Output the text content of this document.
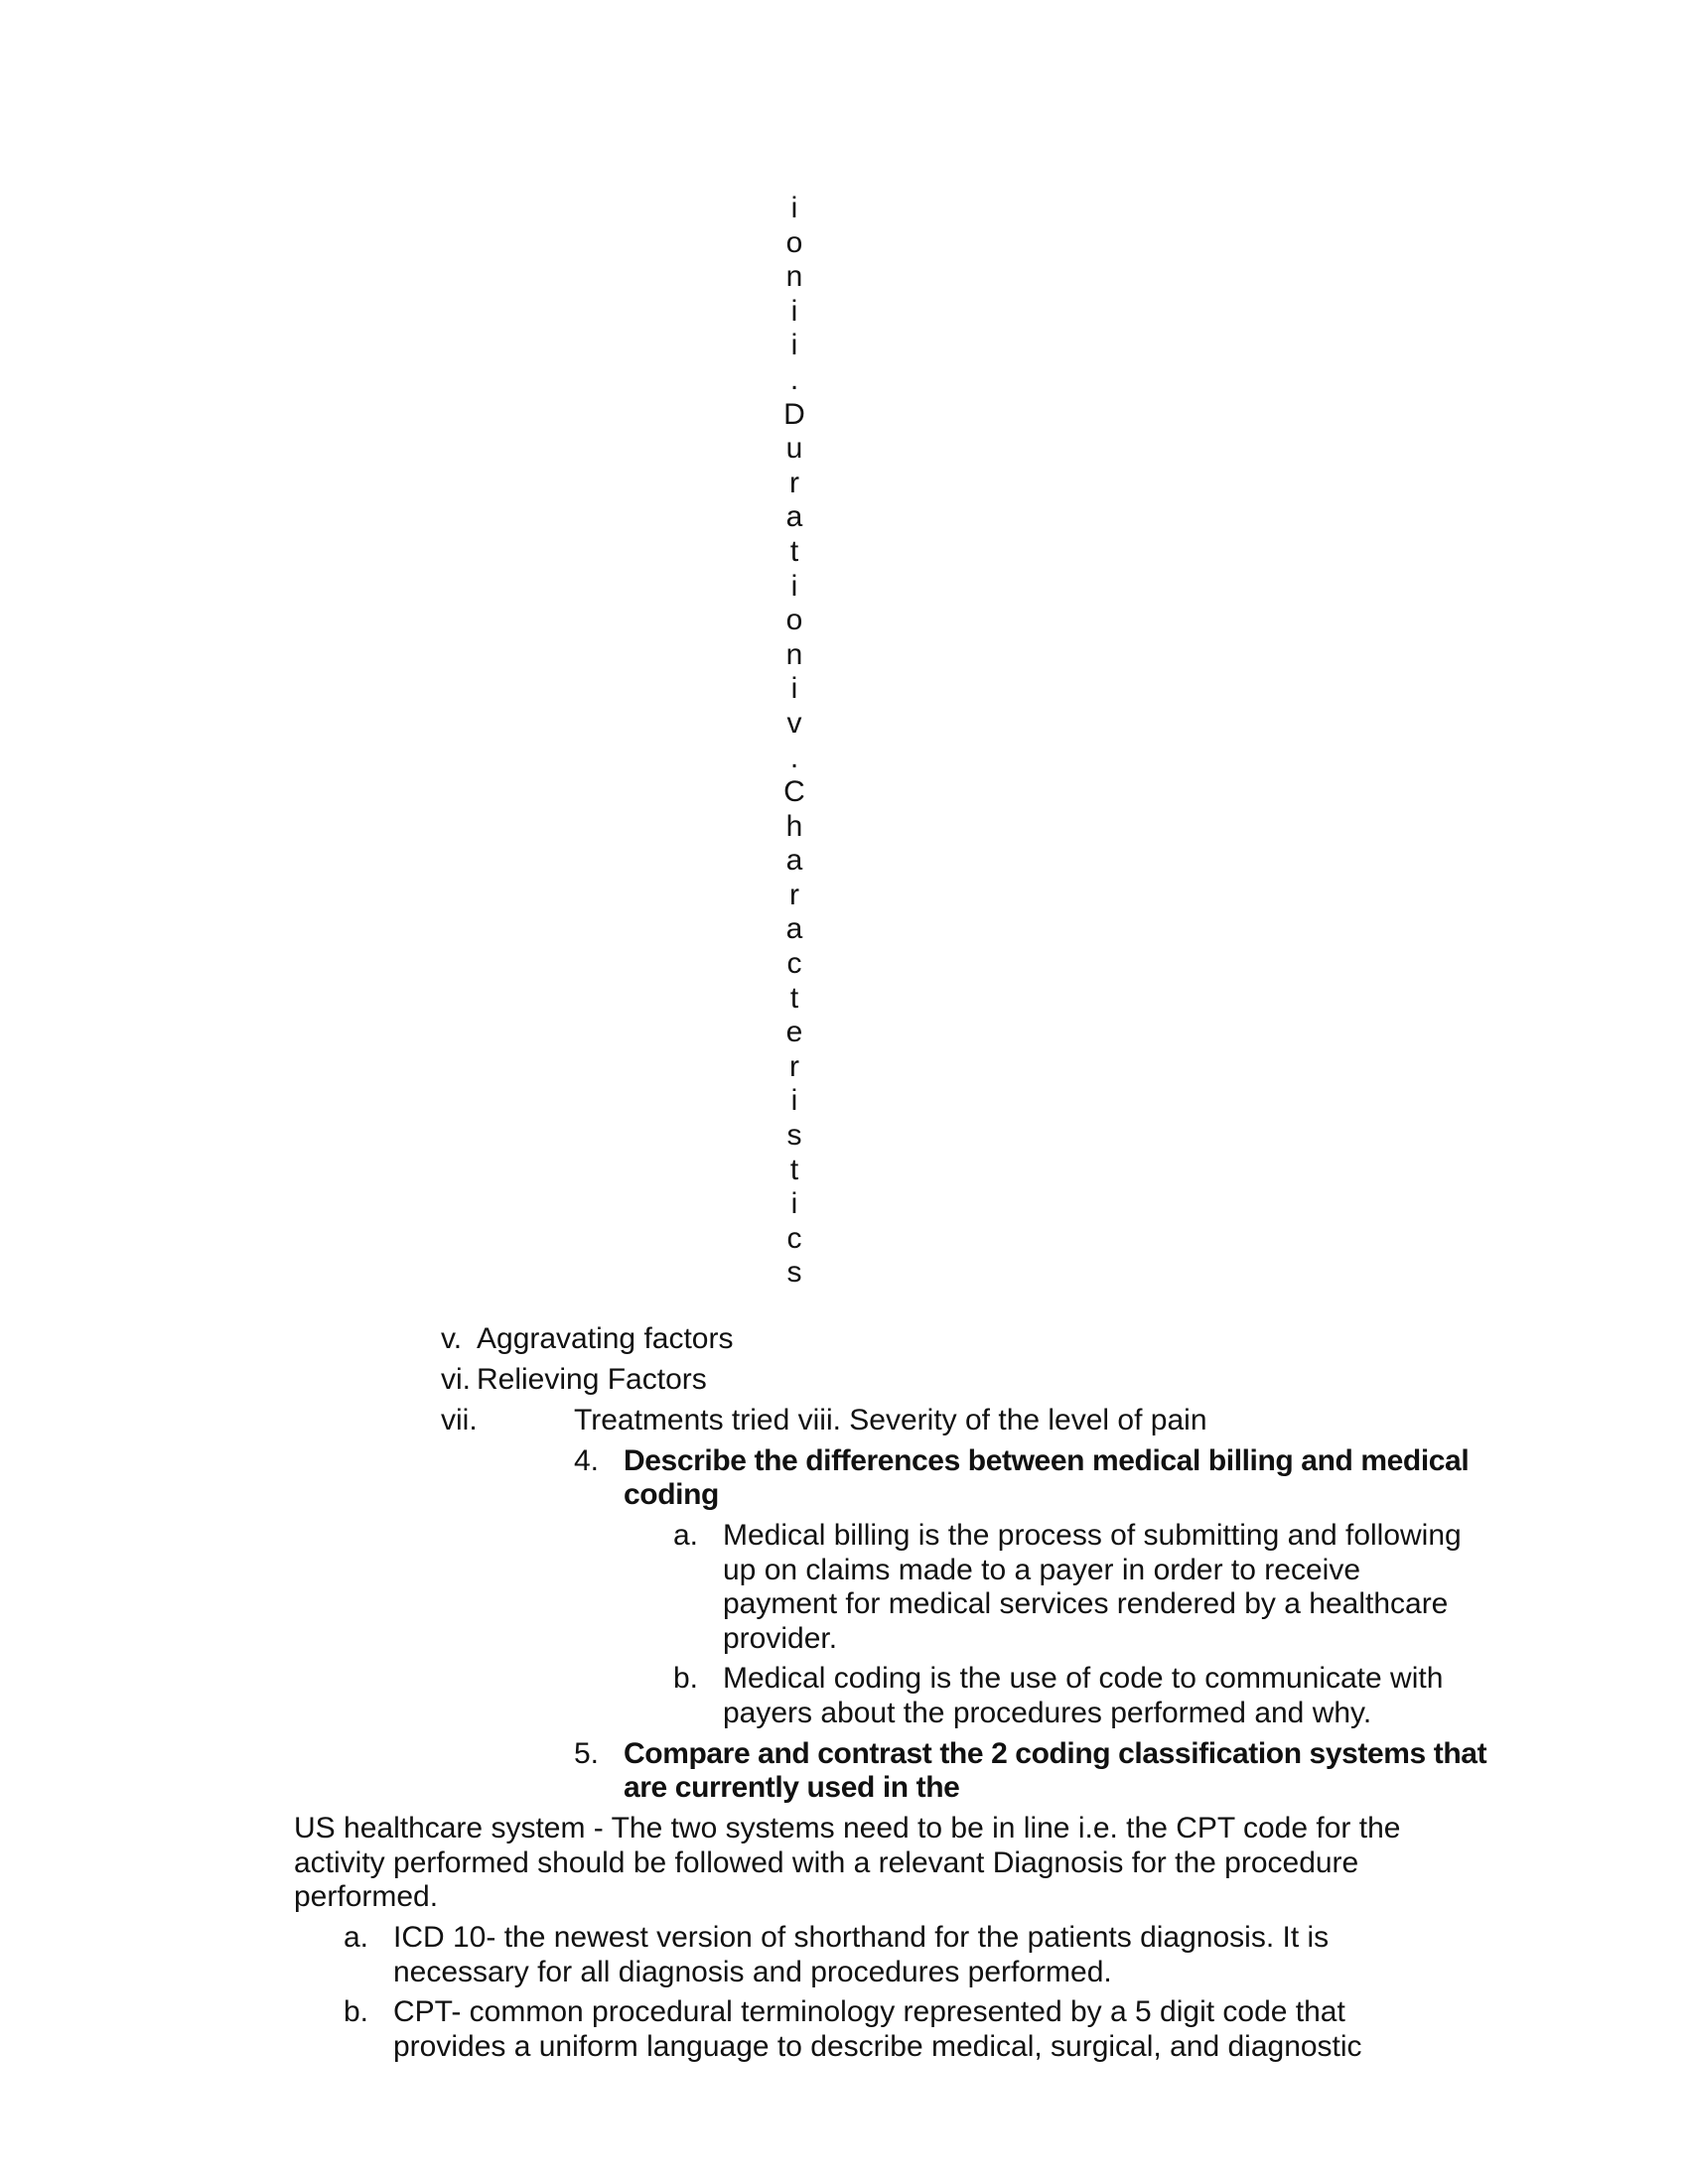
i
o
n
i
i
.
D
u
r
a
t
i
o
n
i
v
.
C
h
a
r
a
c
t
e
r
i
s
t
i
c
s
v. Aggravating factors
vi. Relieving Factors
vii.	Treatments tried viii. Severity of the level of pain
4. Describe the differences between medical billing and medical
coding
a. Medical billing is the process of submitting and following
up on claims made to a payer in order to receive
payment for medical services rendered by a healthcare
provider.
b. Medical coding is the use of code to communicate with
payers about the procedures performed and why.
5. Compare and contrast the 2 coding classification systems that
are currently used in the
US healthcare system - The two systems need to be in line i.e. the CPT code for the
activity performed should be followed with a relevant Diagnosis for the procedure
performed.
a. ICD 10- the newest version of shorthand for the patients diagnosis. It is
necessary for all diagnosis and procedures performed.
b. CPT- common procedural terminology represented by a 5 digit code that
provides a uniform language to describe medical, surgical, and diagnostic
